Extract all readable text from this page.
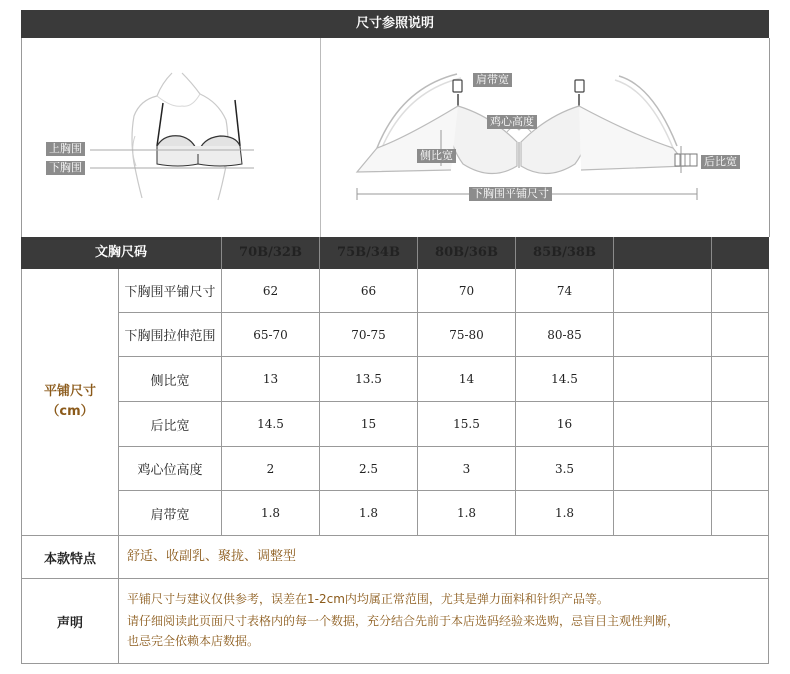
尺寸参照说明
上胸围
下胸围
肩带宽
鸡心高度
侧比宽	后比宽
下胸围平铺尺寸
文胸尺码	70B/32B	75B/34B	80B/36B	85B/38B
平铺尺寸
（cm）
下胸围平铺尺寸	62	66	70	74
下胸围拉伸范围	65-70	70-75	75-80	80-85
侧比宽	13	13.5	14	14.5
后比宽	14.5	15	15.5	16
鸡心位高度	2	2.5	3	3.5
肩带宽	1.8	1.8	1.8	1.8
本款特点	舒适、收副乳、聚拢、调整型
声明
平铺尺寸与建议仅供参考，误差在1-2cm内均属正常范围，尤其是弹力面料和针织产品等。
请仔细阅读此页面尺寸表格内的每一个数据，充分结合先前于本店选码经验来选购，忌盲目主观性判断，
也忌完全依赖本店数据。
